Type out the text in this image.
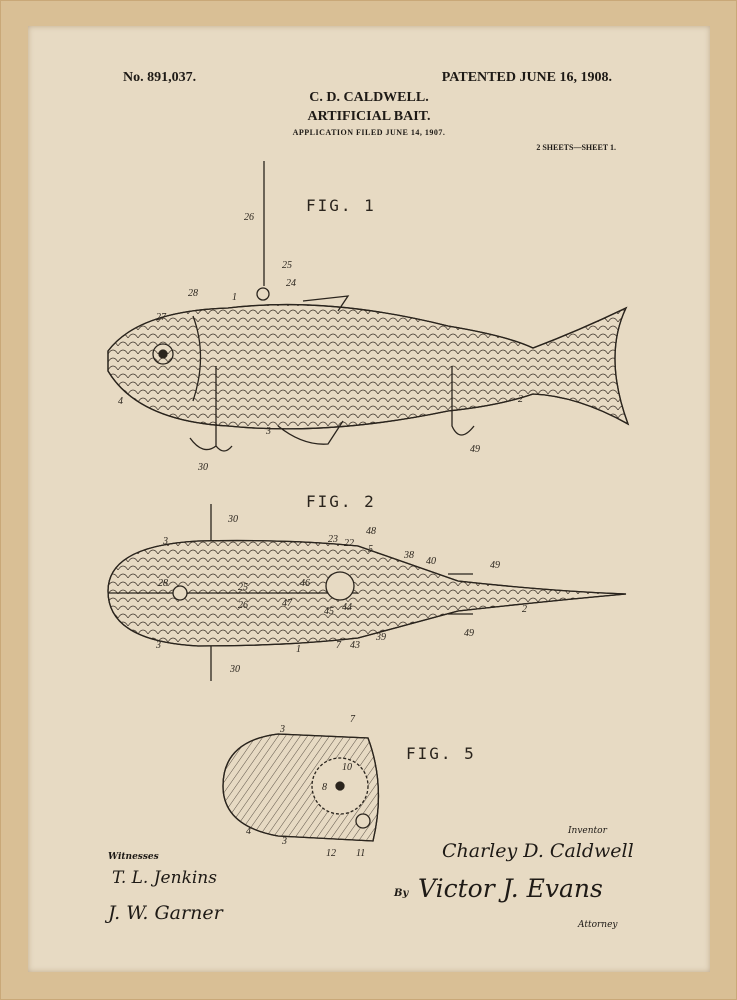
No. 891,037.	PATENTED JUNE 16, 1908.
C. D. CALDWELL.
ARTIFICIAL BAIT.
APPLICATION FILED JUNE 14, 1907.
2 SHEETS—SHEET 1.
FIG. 1
FIG. 2
FIG. 5
26
25
24
28	1
27
4
3
30
2
49
30
3	23 22
48
5
38
40	49
28	25
26
46
47
45 44	2
3	1	7 43
39	49
30
3
7
10
8
4
3
12 11
Witnesses
T. L. Jenkins
J. W. Garner
Inventor
Charley D. Caldwell
By Victor J. Evans
Attorney
